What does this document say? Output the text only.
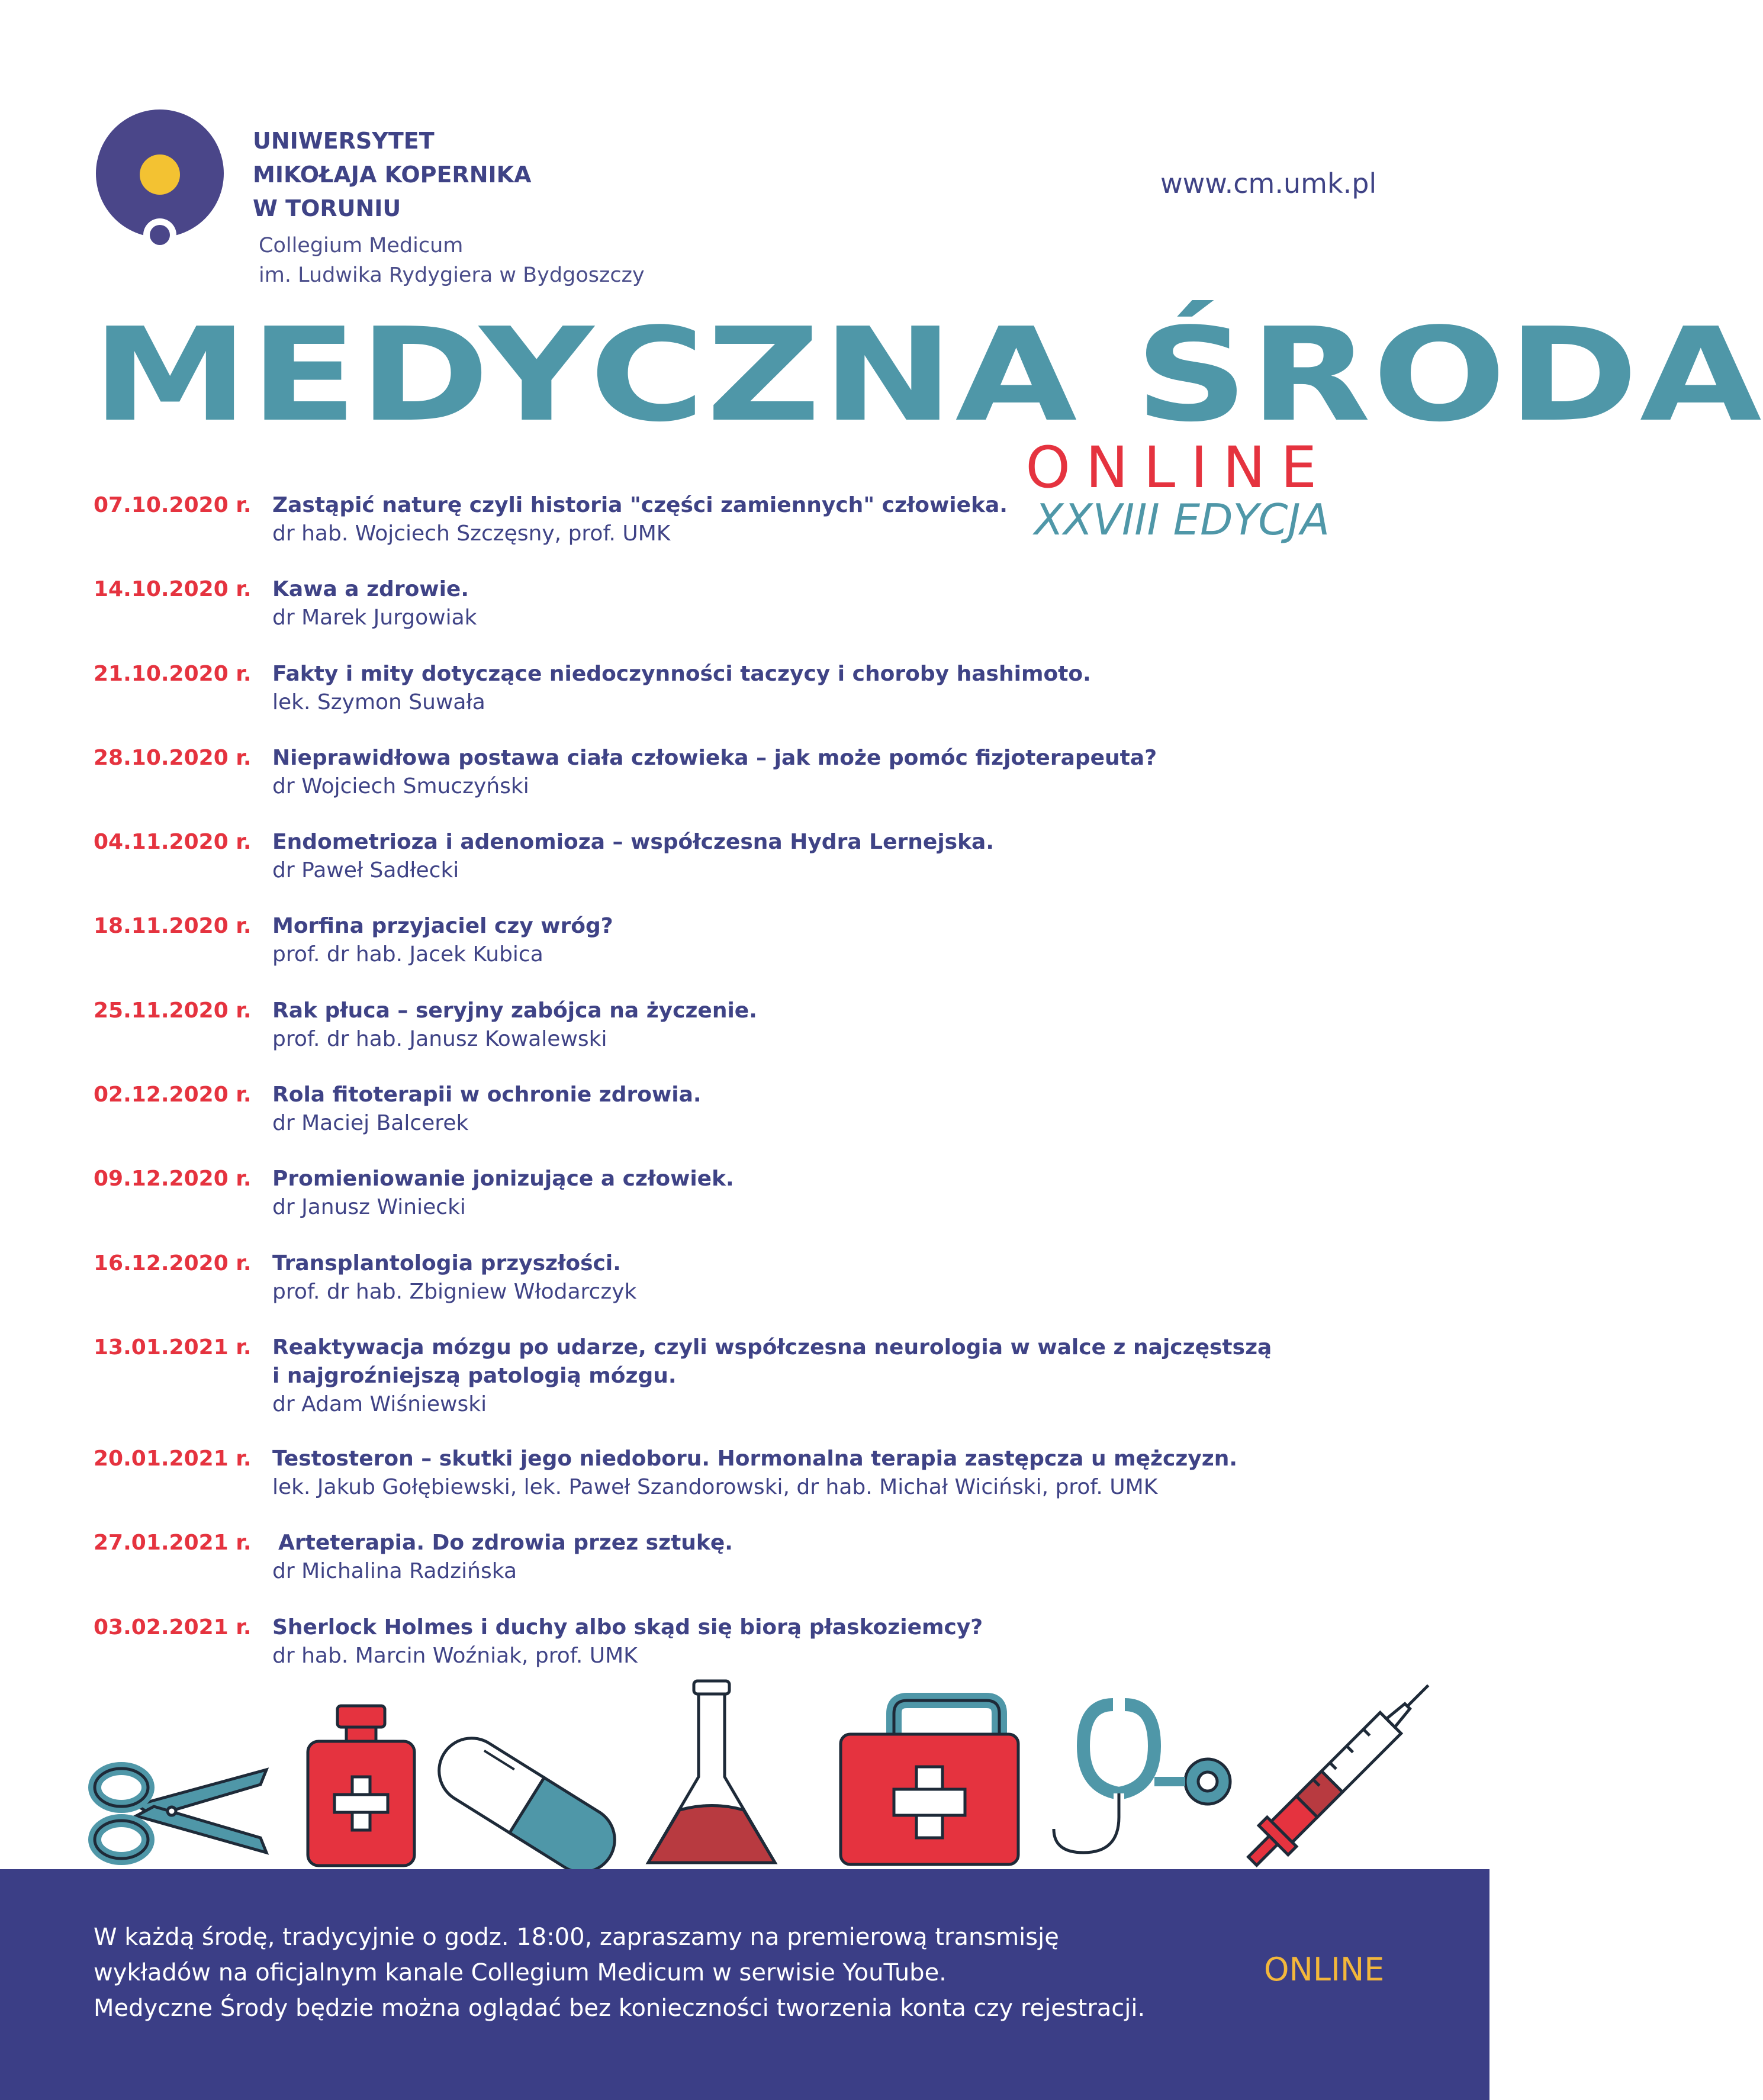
UNIWERSYTET
MIKOŁAJA KOPERNIKA
W TORUNIU
Collegium Medicum
im. Ludwika Rydygiera w Bydgoszczy
www.cm.umk.pl
MEDYCZNA ŚRODA
ONLINE
XXVIII EDYCJA
07.10.2020 r. Zastąpić naturę czyli historia "części zamiennych" człowieka.
dr hab. Wojciech Szczęsny, prof. UMK
14.10.2020 r. Kawa a zdrowie.
dr Marek Jurgowiak
21.10.2020 r. Fakty i mity dotyczące niedoczynności taczycy i choroby hashimoto.
lek. Szymon Suwała
28.10.2020 r. Nieprawidłowa postawa ciała człowieka – jak może pomóc fizjoterapeuta?
dr Wojciech Smuczyński
04.11.2020 r. Endometrioza i adenomioza – współczesna Hydra Lernejska.
dr Paweł Sadłecki
18.11.2020 r. Morfina przyjaciel czy wróg?
prof. dr hab. Jacek Kubica
25.11.2020 r. Rak płuca – seryjny zabójca na życzenie.
prof. dr hab. Janusz Kowalewski
02.12.2020 r. Rola fitoterapii w ochronie zdrowia.
dr Maciej Balcerek
09.12.2020 r. Promieniowanie jonizujące a człowiek.
dr Janusz Winiecki
16.12.2020 r. Transplantologia przyszłości.
prof. dr hab. Zbigniew Włodarczyk
13.01.2021 r. Reaktywacja mózgu po udarze, czyli współczesna neurologia w walce z najczęstszą
i najgroźniejszą patologią mózgu.
dr Adam Wiśniewski
20.01.2021 r. Testosteron – skutki jego niedoboru. Hormonalna terapia zastępcza u mężczyzn.
lek. Jakub Gołębiewski, lek. Paweł Szandorowski, dr hab. Michał Wiciński, prof. UMK
27.01.2021 r. Arteterapia. Do zdrowia przez sztukę.
dr Michalina Radzińska
03.02.2021 r. Sherlock Holmes i duchy albo skąd się biorą płaskoziemcy?
dr hab. Marcin Woźniak, prof. UMK
W każdą środę, tradycyjnie o godz. 18:00, zapraszamy na premierową transmisję
wykładów na oficjalnym kanale Collegium Medicum w serwisie YouTube.
Medyczne Środy będzie można oglądać bez konieczności tworzenia konta czy rejestracji.
ONLINE
